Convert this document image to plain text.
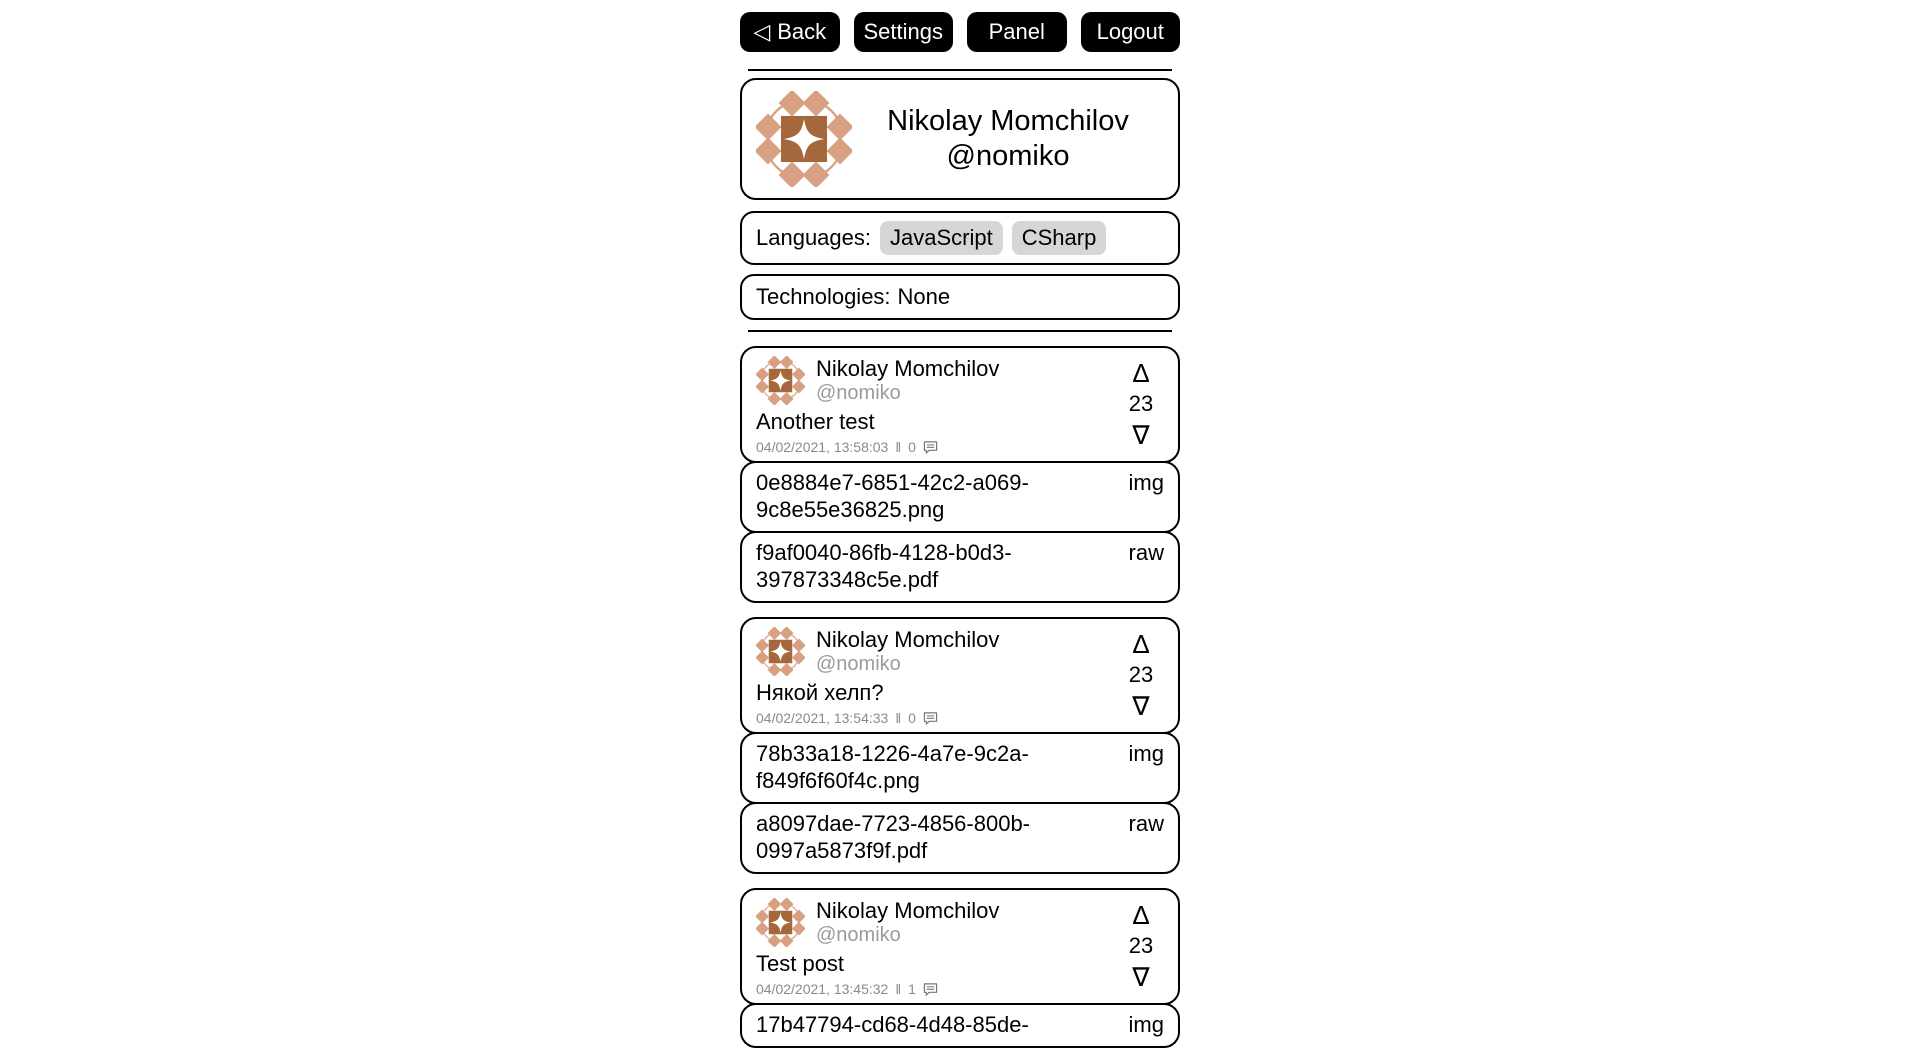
◁ Back Settings Panel Logout
Nikolay Momchilov
@nomiko
Languages: JavaScript	CSharp
Technologies: None
Nikolay Momchilov
@nomiko
Another test
04/02/2021, 13:58:03 ‖ 0
Δ
23
∇
0e8884e7-6851-42c2-a069-9c8e55e36825.png
img
f9af0040-86fb-4128-b0d3-397873348c5e.pdf
raw
Nikolay Momchilov
@nomiko
Някой хелп?
04/02/2021, 13:54:33 ‖ 0
Δ
23
∇
78b33a18-1226-4a7e-9c2a-f849f6f60f4c.png
img
a8097dae-7723-4856-800b-0997a5873f9f.pdf
raw
Nikolay Momchilov
@nomiko
Test post
04/02/2021, 13:45:32 ‖ 1
Δ
23
∇
17b47794-cd68-4d48-85de-	img
